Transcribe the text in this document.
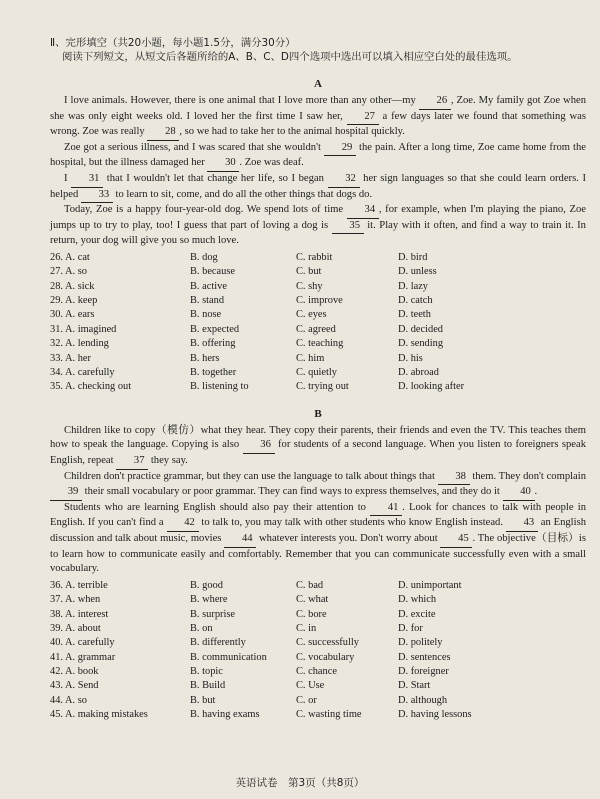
Ⅱ、完形填空（共20小题，每小题1.5分，满分30分）

阅读下列短文，从短文后各题所给的A、B、C、D四个选项中选出可以填入相应空白处的最佳选项。

A

I love animals. However, there is one animal that I love more than any other—my 26 , Zoe. My family got Zoe when she was only eight weeks old. I loved her the first time I saw her, 27 a few days later we found that something was wrong. Zoe was really 28 , so we had to take her to the animal hospital quickly.

Zoe got a serious illness, and I was scared that she wouldn't 29 the pain. After a long time, Zoe came home from the hospital, but the illness damaged her 30 . Zoe was deaf.

I 31 that I wouldn't let that change her life, so I began 32 her sign languages so that she could learn orders. I helped 33 to learn to sit, come, and do all the other things that dogs do.

Today, Zoe is a happy four-year-old dog. We spend lots of time 34 , for example, when I'm playing the piano, Zoe jumps up to try to play, too! I guess that part of loving a dog is 35 it. Play with it often, and find a way to train it. In return, your dog will give you so much love.

26. A. cat	B. dog	C. rabbit	D. bird
27. A. so	B. because	C. but	D. unless
28. A. sick	B. active	C. shy	D. lazy
29. A. keep	B. stand	C. improve	D. catch
30. A. ears	B. nose	C. eyes	D. teeth
31. A. imagined	B. expected	C. agreed	D. decided
32. A. lending	B. offering	C. teaching	D. sending
33. A. her	B. hers	C. him	D. his
34. A. carefully	B. together	C. quietly	D. abroad
35. A. checking out	B. listening to	C. trying out	D. looking after
B

Children like to copy（模仿）what they hear. They copy their parents, their friends and even the TV. This teaches them how to speak the language. Copying is also 36 for students of a second language. When you listen to foreigners speak English, repeat 37 they say.

Children don't practice grammar, but they can use the language to talk about things that 38 them. They don't complain 39 their small vocabulary or poor grammar. They can find ways to express themselves, and they do it 40 .

Students who are learning English should also pay their attention to 41 . Look for chances to talk with people in English. If you can't find a 42 to talk to, you may talk with other students who know English instead. 43 an English discussion and talk about music, movies 44 whatever interests you. Don't worry about 45 . The objective（目标）is to learn how to communicate easily and comfortably. Remember that you can communicate successfully even with a small vocabulary.

36. A. terrible	B. good	C. bad	D. unimportant
37. A. when	B. where	C. what	D. which
38. A. interest	B. surprise	C. bore	D. excite
39. A. about	B. on	C. in	D. for
40. A. carefully	B. differently	C. successfully	D. politely
41. A. grammar	B. communication	C. vocabulary	D. sentences
42. A. book	B. topic	C. chance	D. foreigner
43. A. Send	B. Build	C. Use	D. Start
44. A. so	B. but	C. or	D. although
45. A. making mistakes	B. having exams	C. wasting time	D. having lessons
英语试卷　第3页（共8页）
